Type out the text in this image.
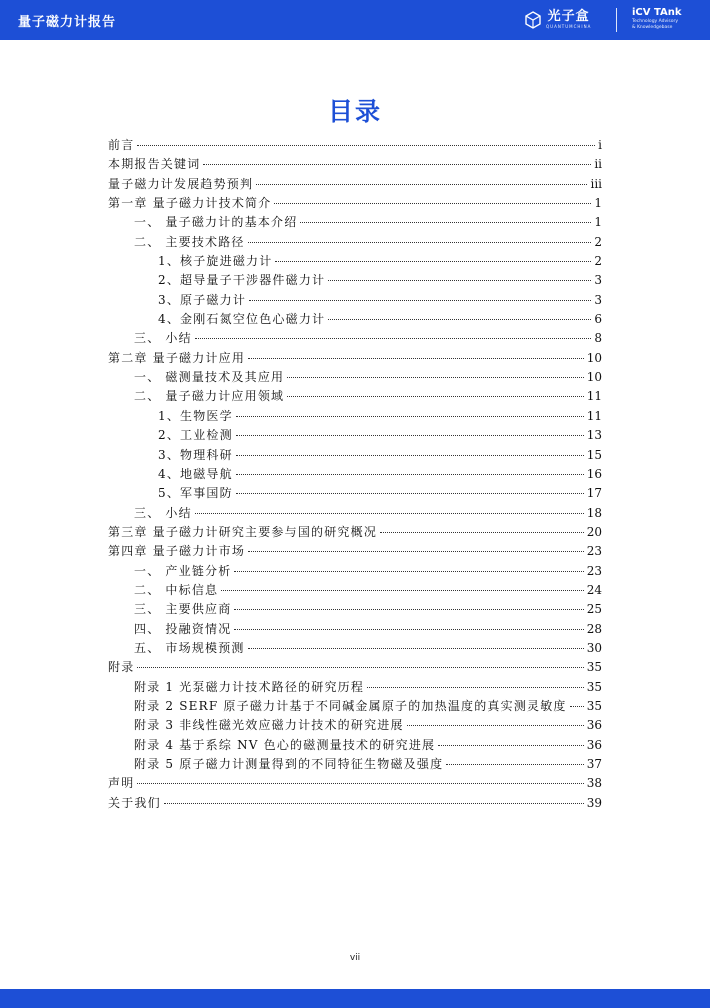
量子磁力计报告	光子盒
QUANTUMCHINA
iCV TAnk
Technology Advisory
& Knowledgebase
目录
前言	i
本期报告关键词	ii
量子磁力计发展趋势预判	iii
第一章 量子磁力计技术简介	1
一、 量子磁力计的基本介绍	1
二、 主要技术路径	2
1、核子旋进磁力计	2
2、超导量子干涉器件磁力计	3
3、原子磁力计	3
4、金刚石氮空位色心磁力计	6
三、 小结	8
第二章 量子磁力计应用	10
一、 磁测量技术及其应用	10
二、 量子磁力计应用领域	11
1、生物医学	11
2、工业检测	13
3、物理科研	15
4、地磁导航	16
5、军事国防	17
三、 小结	18
第三章 量子磁力计研究主要参与国的研究概况	20
第四章 量子磁力计市场	23
一、 产业链分析	23
二、 中标信息	24
三、 主要供应商	25
四、 投融资情况	28
五、 市场规模预测	30
附录	35
附录 1 光泵磁力计技术路径的研究历程	35
附录 2 SERF 原子磁力计基于不同碱金属原子的加热温度的真实测灵敏度 35
附录 3 非线性磁光效应磁力计技术的研究进展	36
附录 4 基于系综 NV 色心的磁测量技术的研究进展	36
附录 5 原子磁力计测量得到的不同特征生物磁及强度	37
声明	38
关于我们	39
vii
